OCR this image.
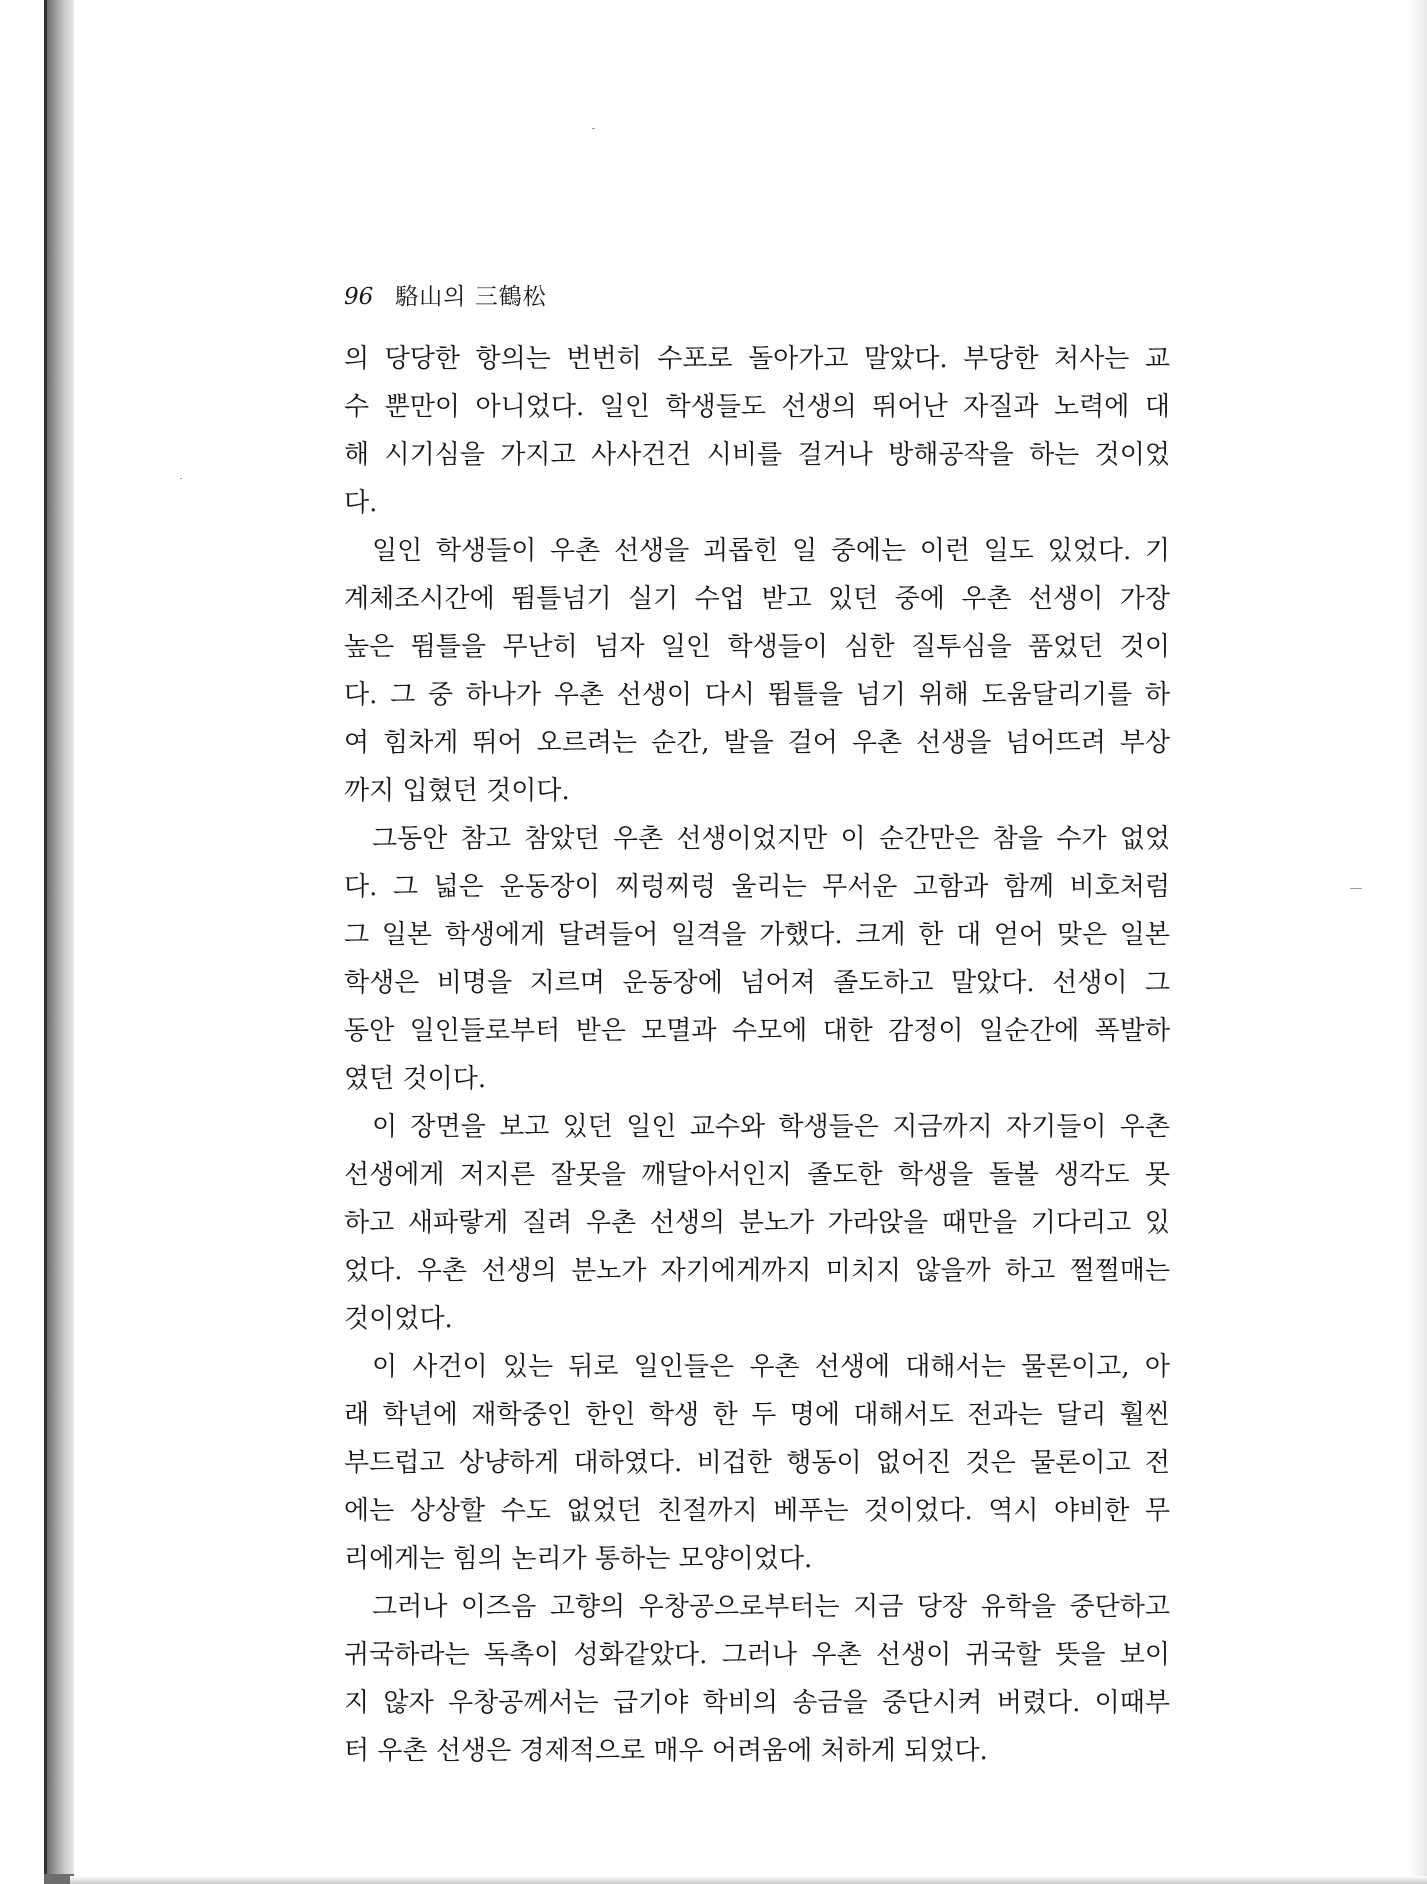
96 駱山의 三鶴松
의 당당한 항의는 번번히 수포로 돌아가고 말았다. 부당한 처사는 교
수 뿐만이 아니었다. 일인 학생들도 선생의 뛰어난 자질과 노력에 대
해 시기심을 가지고 사사건건 시비를 걸거나 방해공작을 하는 것이었
다.
일인 학생들이 우촌 선생을 괴롭힌 일 중에는 이런 일도 있었다. 기
계체조시간에 뜀틀넘기 실기 수업 받고 있던 중에 우촌 선생이 가장
높은 뜀틀을 무난히 넘자 일인 학생들이 심한 질투심을 품었던 것이
다. 그 중 하나가 우촌 선생이 다시 뜀틀을 넘기 위해 도움달리기를 하
여 힘차게 뛰어 오르려는 순간, 발을 걸어 우촌 선생을 넘어뜨려 부상
까지 입혔던 것이다.
그동안 참고 참았던 우촌 선생이었지만 이 순간만은 참을 수가 없었
다. 그 넓은 운동장이 찌렁찌렁 울리는 무서운 고함과 함께 비호처럼
그 일본 학생에게 달려들어 일격을 가했다. 크게 한 대 얻어 맞은 일본
학생은 비명을 지르며 운동장에 넘어져 졸도하고 말았다. 선생이 그
동안 일인들로부터 받은 모멸과 수모에 대한 감정이 일순간에 폭발하
였던 것이다.
이 장면을 보고 있던 일인 교수와 학생들은 지금까지 자기들이 우촌
선생에게 저지른 잘못을 깨달아서인지 졸도한 학생을 돌볼 생각도 못
하고 새파랗게 질려 우촌 선생의 분노가 가라앉을 때만을 기다리고 있
었다. 우촌 선생의 분노가 자기에게까지 미치지 않을까 하고 쩔쩔매는
것이었다.
이 사건이 있는 뒤로 일인들은 우촌 선생에 대해서는 물론이고, 아
래 학년에 재학중인 한인 학생 한 두 명에 대해서도 전과는 달리 훨씬
부드럽고 상냥하게 대하였다. 비겁한 행동이 없어진 것은 물론이고 전
에는 상상할 수도 없었던 친절까지 베푸는 것이었다. 역시 야비한 무
리에게는 힘의 논리가 통하는 모양이었다.
그러나 이즈음 고향의 우창공으로부터는 지금 당장 유학을 중단하고
귀국하라는 독촉이 성화같았다. 그러나 우촌 선생이 귀국할 뜻을 보이
지 않자 우창공께서는 급기야 학비의 송금을 중단시켜 버렸다. 이때부
터 우촌 선생은 경제적으로 매우 어려움에 처하게 되었다.
